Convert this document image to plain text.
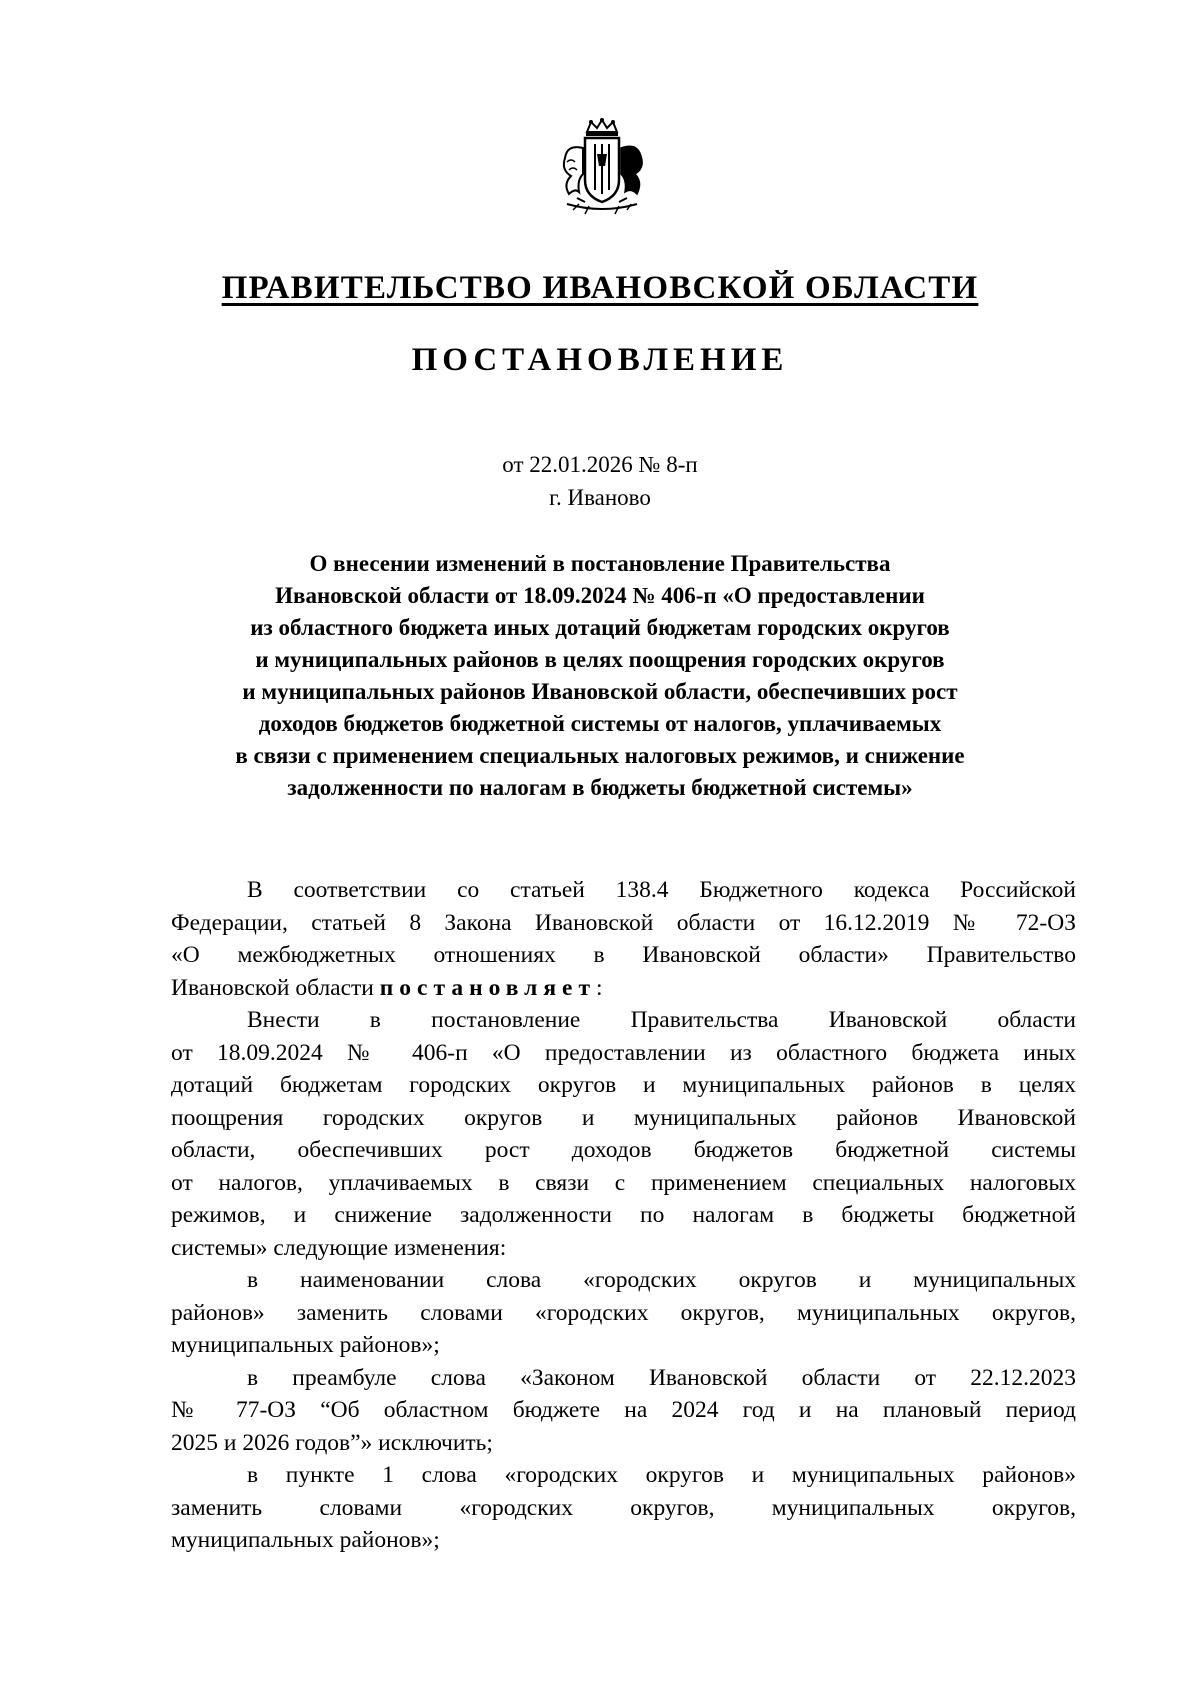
ПРАВИТЕЛЬСТВО ИВАНОВСКОЙ ОБЛАСТИ
ПОСТАНОВЛЕНИЕ
от 22.01.2026 № 8-п
г. Иваново
О внесении изменений в постановление Правительства
Ивановской области от 18.09.2024 № 406-п «О предоставлении
из областного бюджета иных дотаций бюджетам городских округов
и муниципальных районов в целях поощрения городских округов
и муниципальных районов Ивановской области, обеспечивших рост
доходов бюджетов бюджетной системы от налогов, уплачиваемых
в связи с применением специальных налоговых режимов, и снижение
задолженности по налогам в бюджеты бюджетной системы»
В соответствии со статьей 138.4 Бюджетного кодекса Российской
Федерации, статьей 8 Закона Ивановской области от 16.12.2019 № 72-ОЗ
«О межбюджетных отношениях в Ивановской области» Правительство
Ивановской области постановляет:
Внести в постановление Правительства Ивановской области
от 18.09.2024 № 406-п «О предоставлении из областного бюджета иных
дотаций бюджетам городских округов и муниципальных районов в целях
поощрения городских округов и муниципальных районов Ивановской
области, обеспечивших рост доходов бюджетов бюджетной системы
от налогов, уплачиваемых в связи с применением специальных налоговых
режимов, и снижение задолженности по налогам в бюджеты бюджетной
системы» следующие изменения:
в наименовании слова «городских округов и муниципальных
районов» заменить словами «городских округов, муниципальных округов,
муниципальных районов»;
в преамбуле слова «Законом Ивановской области от 22.12.2023
№ 77-ОЗ “Об областном бюджете на 2024 год и на плановый период
2025 и 2026 годов”» исключить;
в пункте 1 слова «городских округов и муниципальных районов»
заменить словами «городских округов, муниципальных округов,
муниципальных районов»;
